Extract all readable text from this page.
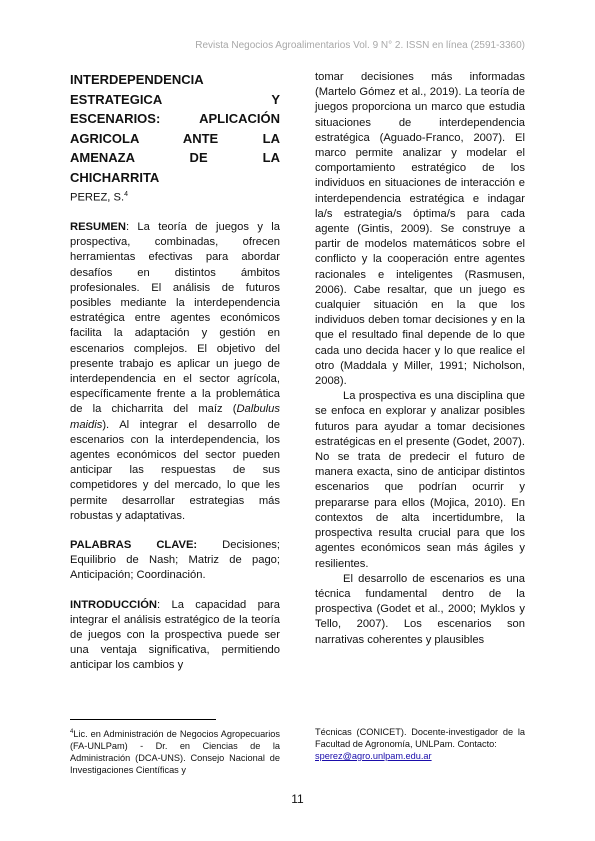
Revista Negocios Agroalimentarios Vol. 9 N° 2. ISSN en línea (2591-3360)
INTERDEPENDENCIA
ESTRATEGICA Y
ESCENARIOS: APLICACIÓN
AGRICOLA ANTE LA
AMENAZA DE LA

CHICHARRITA

PEREZ, S.$^4$

RESUMEN: La teoría de juegos y la prospectiva, combinadas, ofrecen herramientas efectivas para abordar desafíos en distintos ámbitos profesionales. El análisis de futuros posibles mediante la interdependencia estratégica entre agentes económicos facilita la adaptación y gestión en escenarios complejos. El objetivo del presente trabajo es aplicar un juego de interdependencia en el sector agrícola, específicamente frente a la problemática de la chicharrita del maíz (Dalbulus maidis). Al integrar el desarrollo de escenarios con la interdependencia, los agentes económicos del sector pueden anticipar las respuestas de sus competidores y del mercado, lo que les permite desarrollar estrategias más robustas y adaptativas.

PALABRAS CLAVE: Decisiones; Equilibrio de Nash; Matriz de pago; Anticipación; Coordinación.

INTRODUCCIÓN: La capacidad para integrar el análisis estratégico de la teoría de juegos con la prospectiva puede ser una ventaja significativa, permitiendo anticipar los cambios y

tomar decisiones más informadas (Martelo Gómez et al., 2019). La teoría de juegos proporciona un marco que estudia situaciones de interdependencia estratégica (Aguado-Franco, 2007). El marco permite analizar y modelar el comportamiento estratégico de los individuos en situaciones de interacción e interdependencia estratégica e indagar la/s estrategia/s óptima/s para cada agente (Gintis, 2009). Se construye a partir de modelos matemáticos sobre el conflicto y la cooperación entre agentes racionales e inteligentes (Rasmusen, 2006). Cabe resaltar, que un juego es cualquier situación en la que los individuos deben tomar decisiones y en la que el resultado final depende de lo que cada uno decida hacer y lo que realice el otro (Maddala y Miller, 1991; Nicholson, 2008).

La prospectiva es una disciplina que se enfoca en explorar y analizar posibles futuros para ayudar a tomar decisiones estratégicas en el presente (Godet, 2007). No se trata de predecir el futuro de manera exacta, sino de anticipar distintos escenarios que podrían ocurrir y prepararse para ellos (Mojica, 2010). En contextos de alta incertidumbre, la prospectiva resulta crucial para que los agentes económicos sean más ágiles y resilientes.

El desarrollo de escenarios es una técnica fundamental dentro de la prospectiva (Godet et al., 2000; Myklos y Tello, 2007). Los escenarios son narrativas coherentes y plausibles

$^4$Lic. en Administración de Negocios Agropecuarios (FA-UNLPam) - Dr. en Ciencias de la Administración (DCA-UNS). Consejo Nacional de Investigaciones Científicas y
Técnicas (CONICET). Docente-investigador de la Facultad de Agronomía, UNLPam. Contacto:
sperez@agro.unlpam.edu.ar
11
